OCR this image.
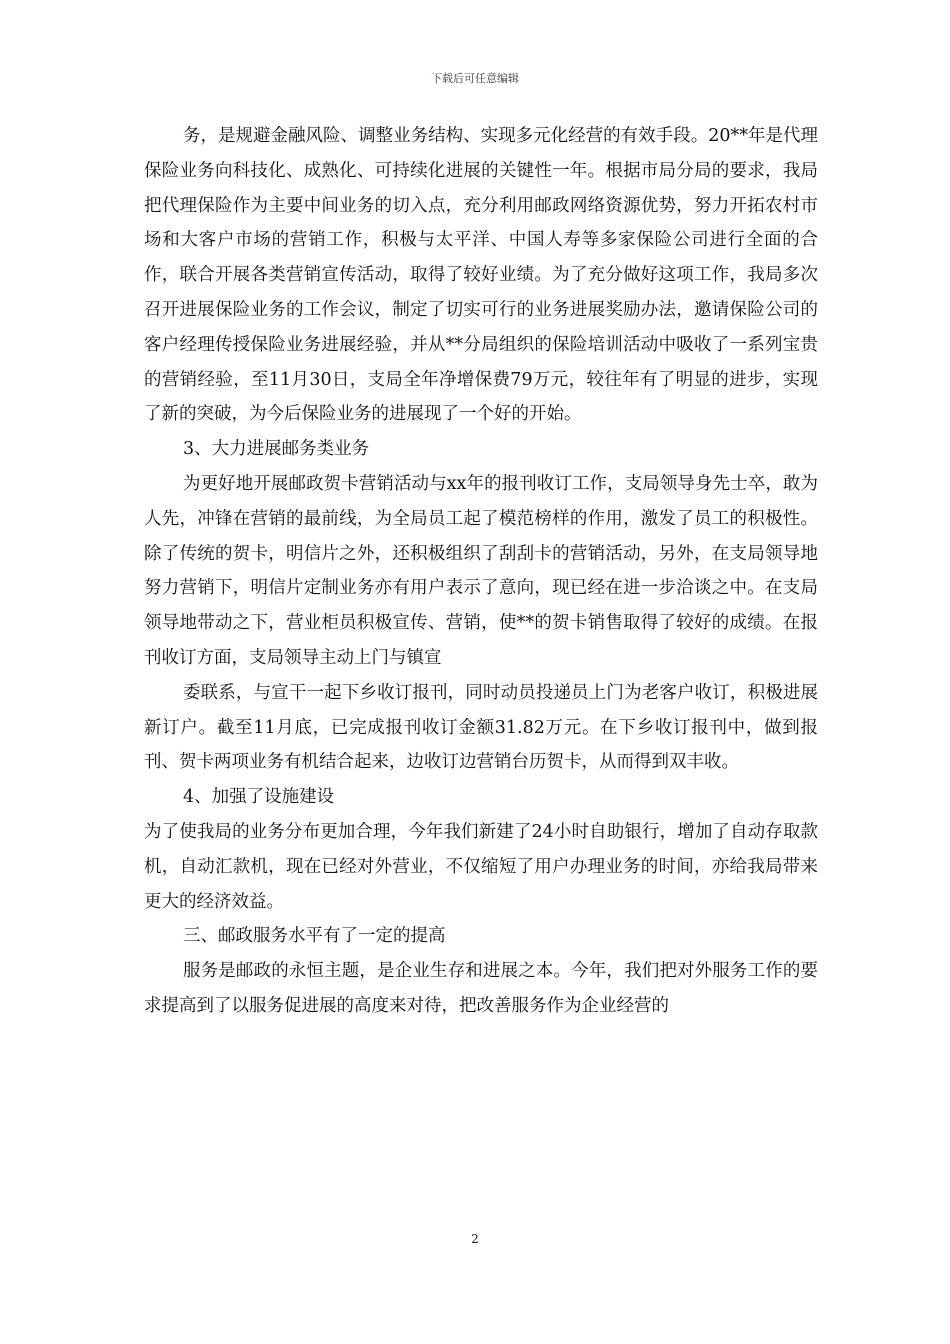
下载后可任意编辑

务，是规避金融风险、调整业务结构、实现多元化经营的有效手段。20**年是代理保险业务向科技化、成熟化、可持续化进展的关键性一年。根据市局分局的要求，我局把代理保险作为主要中间业务的切入点，充分利用邮政网络资源优势，努力开拓农村市场和大客户市场的营销工作，积极与太平洋、中国人寿等多家保险公司进行全面的合作，联合开展各类营销宣传活动，取得了较好业绩。为了充分做好这项工作，我局多次召开进展保险业务的工作会议，制定了切实可行的业务进展奖励办法，邀请保险公司的客户经理传授保险业务进展经验，并从**分局组织的保险培训活动中吸收了一系列宝贵的营销经验，至11月30日，支局全年净增保费79万元，较往年有了明显的进步，实现了新的突破，为今后保险业务的进展现了一个好的开始。

3、大力进展邮务类业务

为更好地开展邮政贺卡营销活动与xx年的报刊收订工作，支局领导身先士卒，敢为人先，冲锋在营销的最前线，为全局员工起了模范榜样的作用，激发了员工的积极性。除了传统的贺卡，明信片之外，还积极组织了刮刮卡的营销活动，另外，在支局领导地努力营销下，明信片定制业务亦有用户表示了意向，现已经在进一步洽谈之中。在支局领导地带动之下，营业柜员积极宣传、营销，使**的贺卡销售取得了较好的成绩。在报刊收订方面，支局领导主动上门与镇宣

委联系，与宣干一起下乡收订报刊，同时动员投递员上门为老客户收订，积极进展新订户。截至11月底，已完成报刊收订金额31.82万元。在下乡收订报刊中，做到报刊、贺卡两项业务有机结合起来，边收订边营销台历贺卡，从而得到双丰收。

4、加强了设施建设

为了使我局的业务分布更加合理，今年我们新建了24小时自助银行，增加了自动存取款机，自动汇款机，现在已经对外营业，不仅缩短了用户办理业务的时间，亦给我局带来更大的经济效益。

三、邮政服务水平有了一定的提高

服务是邮政的永恒主题，是企业生存和进展之本。今年，我们把对外服务工作的要求提高到了以服务促进展的高度来对待，把改善服务作为企业经营的

2
